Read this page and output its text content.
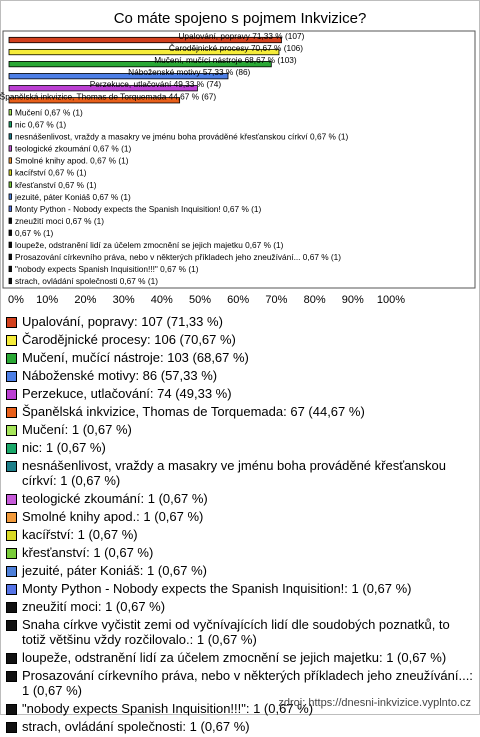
Co máte spojeno s pojmem Inkvizice?
Upalování, popravy 71,33 % (107)
Čarodějnické procesy 70,67 % (106)
Mučení, mučící nástroje 68,67 % (103)
Náboženské motivy 57,33 % (86)
Perzekuce, utlačování 49,33 % (74)
Španělská inkvizice, Thomas de Torquemada 44,67 % (67)
Mučení 0,67 % (1)
nic 0,67 % (1)
nesnášenlivost, vraždy a masakry ve jménu boha prováděné křesťanskou církví 0,67 % (1)
teologické zkoumání 0,67 % (1)
Smolné knihy apod. 0,67 % (1)
kacířství 0,67 % (1)
křesťanství 0,67 % (1)
jezuité, páter Koniáš 0,67 % (1)
Monty Python - Nobody expects the Spanish Inquisition! 0,67 % (1)
zneužití moci 0,67 % (1)
0,67 % (1)
loupeže, odstranění lidí za účelem zmocnění se jejich majetku 0,67 % (1)
Prosazování církevního práva, nebo v některých příkladech jeho zneužívání... 0,67 % (1)
"nobody expects Spanish Inquisition!!!" 0,67 % (1)
strach, ovládání společnosti 0,67 % (1)
0% 10% 20% 30% 40% 50% 60% 70% 80% 90% 100%
Upalování, popravy: 107 (71,33 %)
Čarodějnické procesy: 106 (70,67 %)
Mučení, mučící nástroje: 103 (68,67 %)
Náboženské motivy: 86 (57,33 %)
Perzekuce, utlačování: 74 (49,33 %)
Španělská inkvizice, Thomas de Torquemada: 67 (44,67 %)
Mučení: 1 (0,67 %)
nic: 1 (0,67 %)
nesnášenlivost, vraždy a masakry ve jménu boha prováděné křesťanskou církví: 1 (0,67 %)
teologické zkoumání: 1 (0,67 %)
Smolné knihy apod.: 1 (0,67 %)
kacířství: 1 (0,67 %)
křesťanství: 1 (0,67 %)
jezuité, páter Koniáš: 1 (0,67 %)
Monty Python - Nobody expects the Spanish Inquisition!: 1 (0,67 %)
zneužití moci: 1 (0,67 %)
Snaha církve vyčistit zemi od vyčnívajících lidí dle soudobých poznatků, to totiž většinu vždy rozčilovalo.: 1 (0,67 %)
loupeže, odstranění lidí za účelem zmocnění se jejich majetku: 1 (0,67 %)
Prosazování církevního práva, nebo v některých příkladech jeho zneužívání...: 1 (0,67 %)
"nobody expects Spanish Inquisition!!!": 1 (0,67 %)
strach, ovládání společnosti: 1 (0,67 %)
zdroj: https://dnesni-inkvizice.vyplnto.cz
